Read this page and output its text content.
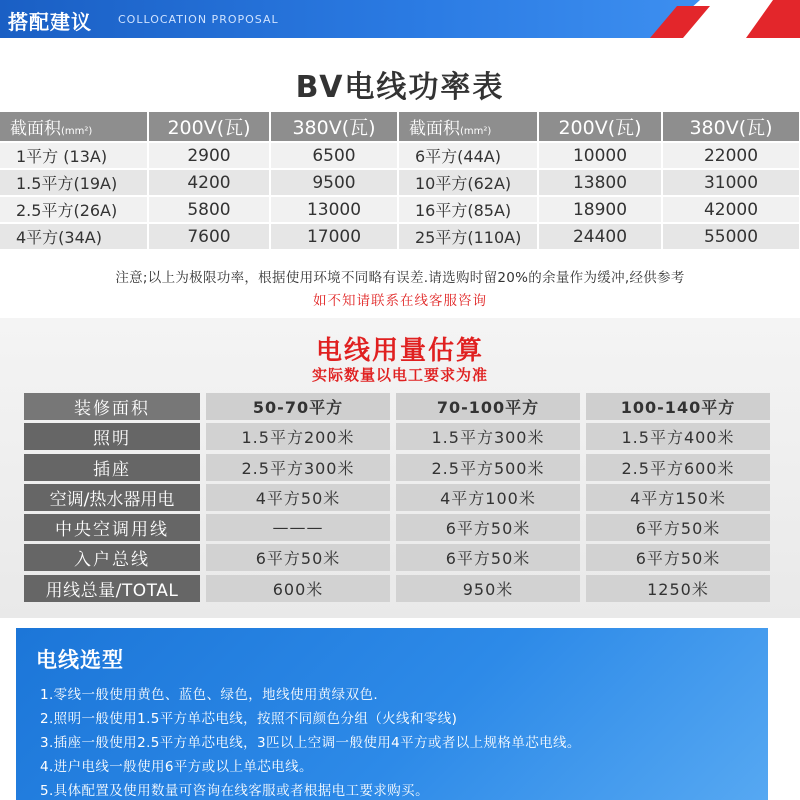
搭配建议 COLLOCATION PROPOSAL
BV电线功率表
截面积(mm²)	200V(瓦)	380V(瓦)	截面积(mm²)	200V(瓦)	380V(瓦)
1平方 (13A)	2900	6500	6平方(44A)	10000	22000
1.5平方(19A)	4200	9500	10平方(62A)	13800	31000
2.5平方(26A)	5800	13000	16平方(85A)	18900	42000
4平方(34A)	7600	17000	25平方(110A)	24400	55000
注意;以上为极限功率，根据使用环境不同略有误差.请选购时留20%的余量作为缓冲,经供参考
如不知请联系在线客服咨询
电线用量估算
实际数量以电工要求为准
装修面积	50-70平方	70-100平方	100-140平方
照明	1.5平方200米	1.5平方300米	1.5平方400米
插座	2.5平方300米	2.5平方500米	2.5平方600米
空调/热水器用电	4平方50米	4平方100米	4平方150米
中央空调用线	———	6平方50米	6平方50米
入户总线	6平方50米	6平方50米	6平方50米
用线总量/TOTAL	600米	950米	1250米
电线选型
1.零线一般使用黄色、蓝色、绿色，地线使用黄绿双色.
2.照明一般使用1.5平方单芯电线，按照不同颜色分组（火线和零线)
3.插座一般使用2.5平方单芯电线，3匹以上空调一般使用4平方或者以上规格单芯电线。
4.进户电线一般使用6平方或以上单芯电线。
5.具体配置及使用数量可咨询在线客服或者根据电工要求购买。
